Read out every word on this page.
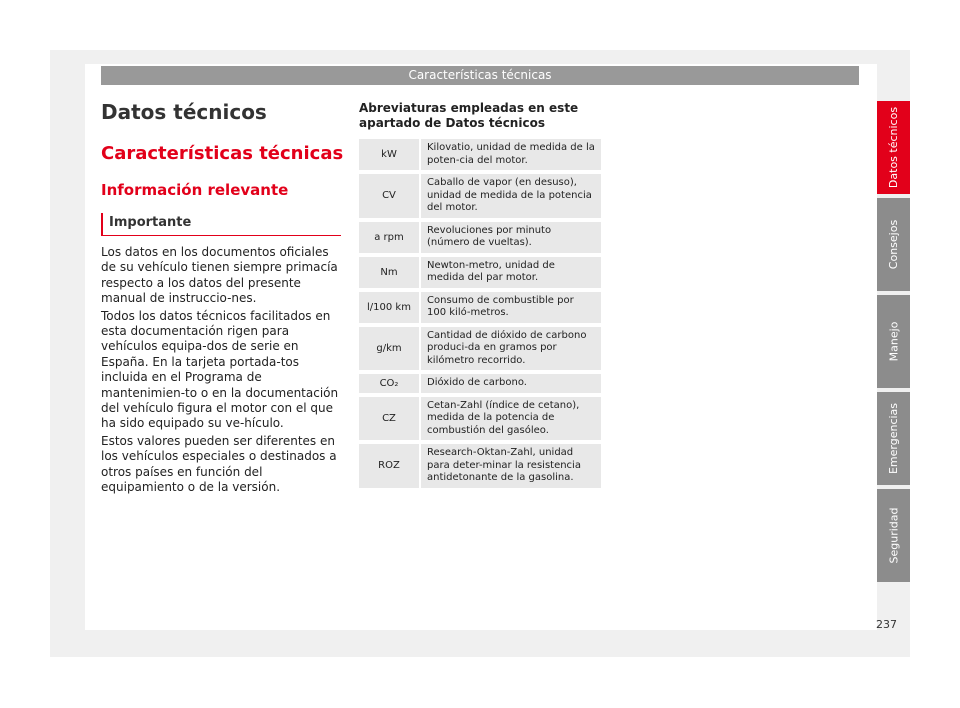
Características técnicas
Datos técnicos
Características técnicas
Información relevante
Importante

Los datos en los documentos oficiales de su vehículo tienen siempre primacía respecto a los datos del presente manual de instruccio-nes.

Todos los datos técnicos facilitados en esta documentación rigen para vehículos equipa-dos de serie en España. En la tarjeta portada-tos incluida en el Programa de mantenimien-to o en la documentación del vehículo figura el motor con el que ha sido equipado su ve-hículo.

Estos valores pueden ser diferentes en los vehículos especiales o destinados a otros países en función del equipamiento o de la versión.

Abreviaturas empleadas en este apartado de Datos técnicos
kW
Kilovatio, unidad de medida de la poten-cia del motor.
CV
Caballo de vapor (en desuso), unidad de medida de la potencia del motor.
a rpm
Revoluciones por minuto (número de vueltas).
Nm
Newton-metro, unidad de medida del par motor.
l/100 km
Consumo de combustible por 100 kiló-metros.
g/km
Cantidad de dióxido de carbono produci-da en gramos por kilómetro recorrido.
CO₂	Dióxido de carbono.
CZ
Cetan-Zahl (índice de cetano), medida de la potencia de combustión del gasóleo.
ROZ
Research-Oktan-Zahl, unidad para deter-minar la resistencia antidetonante de la gasolina.
Datos técnicos
Consejos
Manejo
Emergencias
Seguridad
237
